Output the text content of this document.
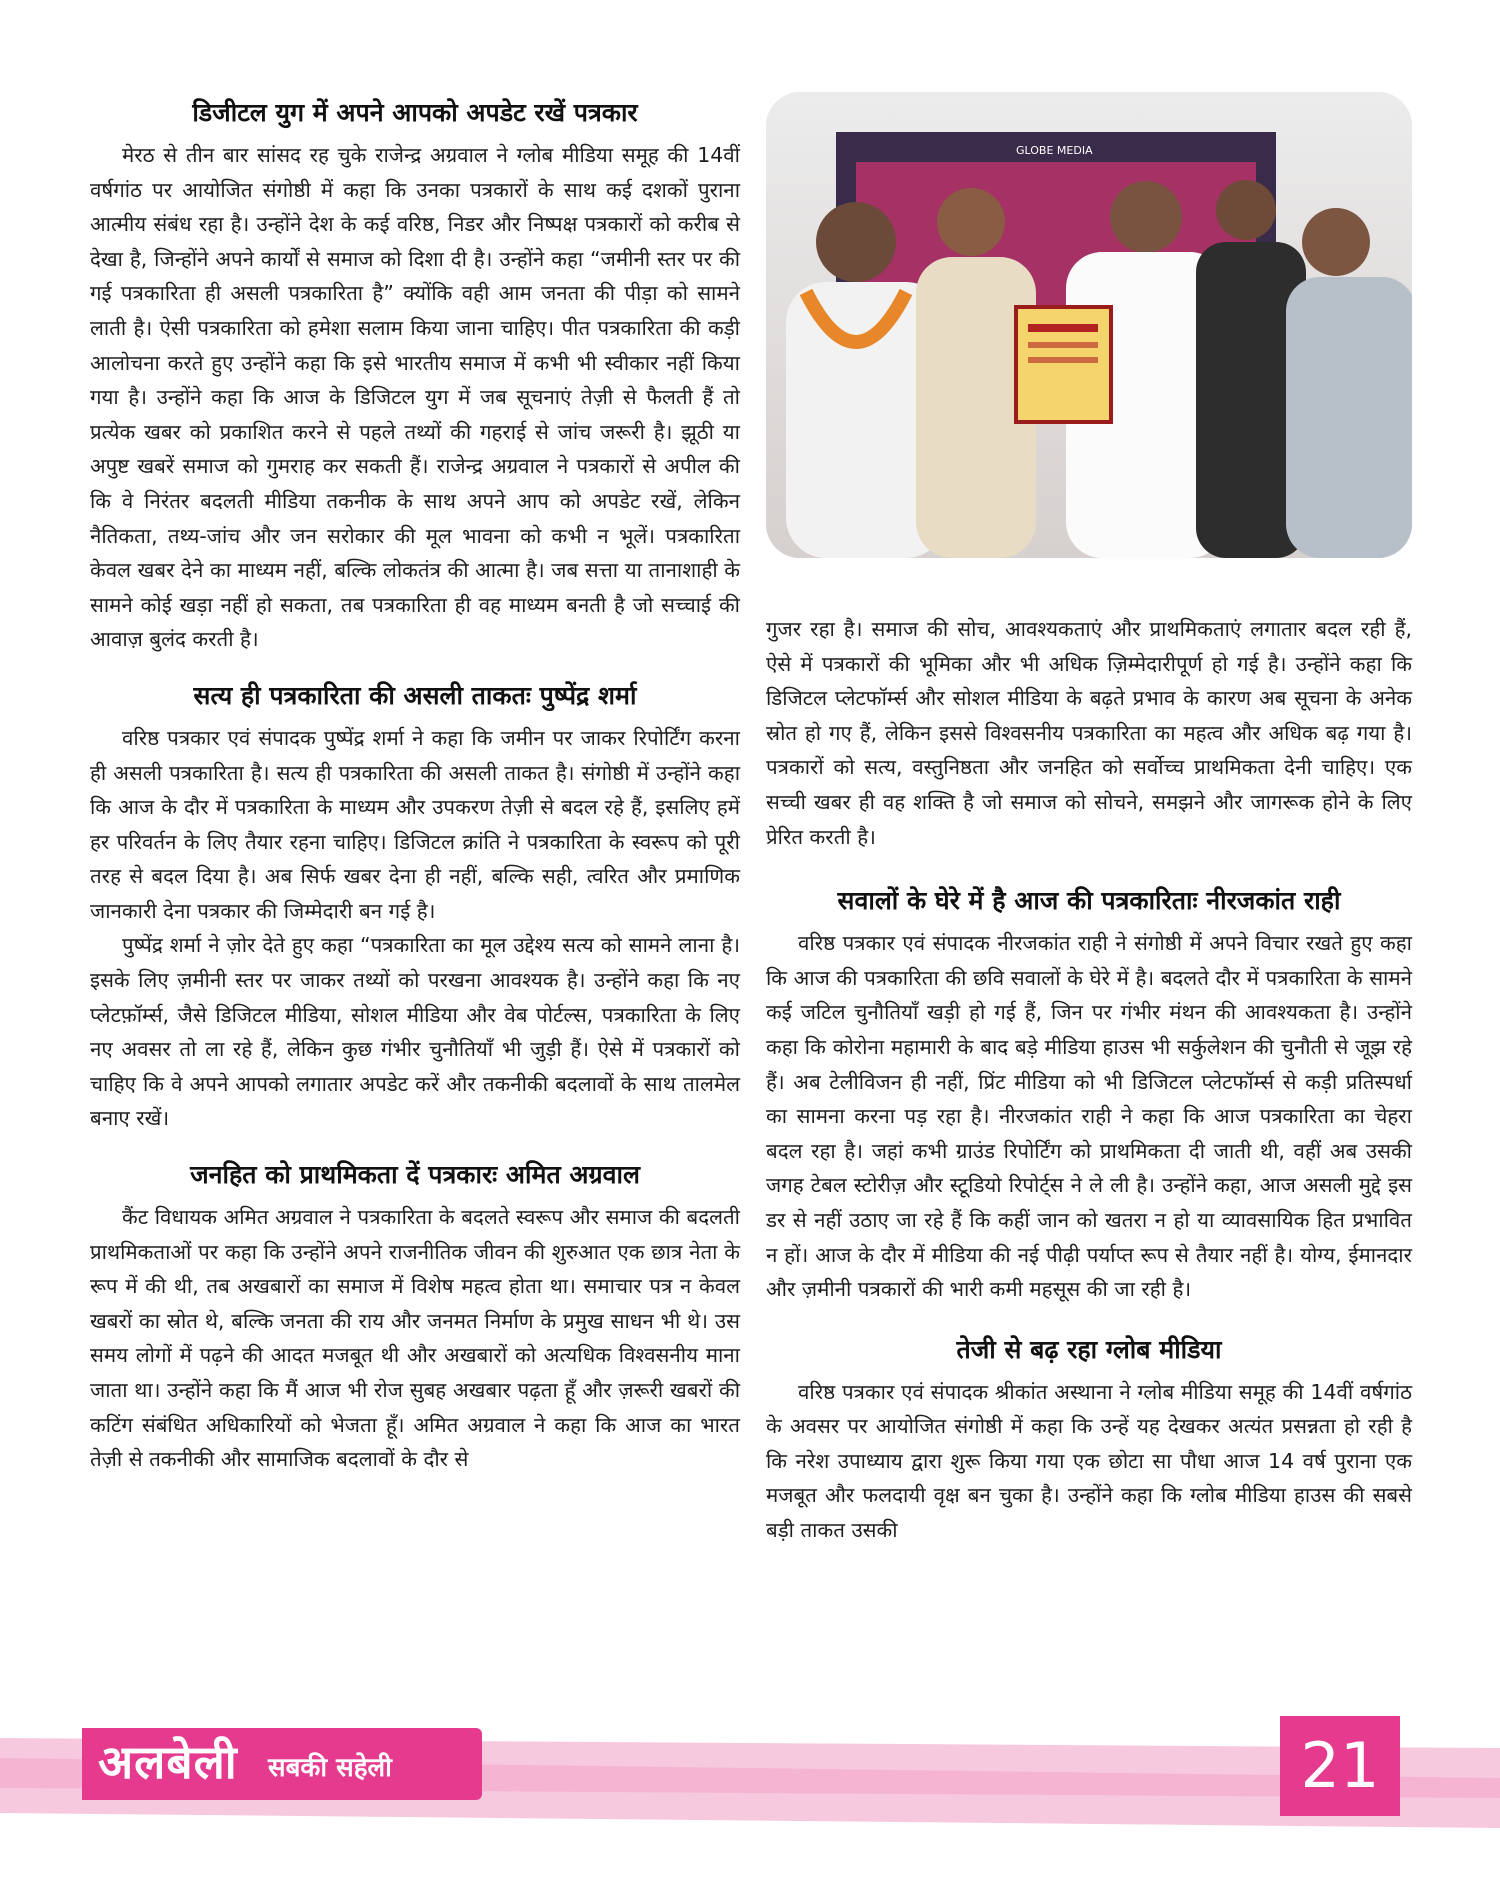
डिजीटल युग में अपने आपको अपडेट रखें पत्रकार

मेरठ से तीन बार सांसद रह चुके राजेन्द्र अग्रवाल ने ग्लोब मीडिया समूह की 14वीं वर्षगांठ पर आयोजित संगोष्ठी में कहा कि उनका पत्रकारों के साथ कई दशकों पुराना आत्मीय संबंध रहा है। उन्होंने देश के कई वरिष्ठ, निडर और निष्पक्ष पत्रकारों को करीब से देखा है, जिन्होंने अपने कार्यों से समाज को दिशा दी है। उन्होंने कहा “जमीनी स्तर पर की गई पत्रकारिता ही असली पत्रकारिता है” क्योंकि वही आम जनता की पीड़ा को सामने लाती है। ऐसी पत्रकारिता को हमेशा सलाम किया जाना चाहिए। पीत पत्रकारिता की कड़ी आलोचना करते हुए उन्होंने कहा कि इसे भारतीय समाज में कभी भी स्वीकार नहीं किया गया है। उन्होंने कहा कि आज के डिजिटल युग में जब सूचनाएं तेज़ी से फैलती हैं तो प्रत्येक खबर को प्रकाशित करने से पहले तथ्यों की गहराई से जांच जरूरी है। झूठी या अपुष्ट खबरें समाज को गुमराह कर सकती हैं। राजेन्द्र अग्रवाल ने पत्रकारों से अपील की कि वे निरंतर बदलती मीडिया तकनीक के साथ अपने आप को अपडेट रखें, लेकिन नैतिकता, तथ्य-जांच और जन सरोकार की मूल भावना को कभी न भूलें। पत्रकारिता केवल खबर देने का माध्यम नहीं, बल्कि लोकतंत्र की आत्मा है। जब सत्ता या तानाशाही के सामने कोई खड़ा नहीं हो सकता, तब पत्रकारिता ही वह माध्यम बनती है जो सच्चाई की आवाज़ बुलंद करती है।

सत्य ही पत्रकारिता की असली ताकतः पुष्पेंद्र शर्मा

वरिष्ठ पत्रकार एवं संपादक पुष्पेंद्र शर्मा ने कहा कि जमीन पर जाकर रिपोर्टिंग करना ही असली पत्रकारिता है। सत्य ही पत्रकारिता की असली ताकत है। संगोष्ठी में उन्होंने कहा कि आज के दौर में पत्रकारिता के माध्यम और उपकरण तेज़ी से बदल रहे हैं, इसलिए हमें हर परिवर्तन के लिए तैयार रहना चाहिए। डिजिटल क्रांति ने पत्रकारिता के स्वरूप को पूरी तरह से बदल दिया है। अब सिर्फ खबर देना ही नहीं, बल्कि सही, त्वरित और प्रमाणिक जानकारी देना पत्रकार की जिम्मेदारी बन गई है।

पुष्पेंद्र शर्मा ने ज़ोर देते हुए कहा “पत्रकारिता का मूल उद्देश्य सत्य को सामने लाना है। इसके लिए ज़मीनी स्तर पर जाकर तथ्यों को परखना आवश्यक है। उन्होंने कहा कि नए प्लेटफ़ॉर्म्स, जैसे डिजिटल मीडिया, सोशल मीडिया और वेब पोर्टल्स, पत्रकारिता के लिए नए अवसर तो ला रहे हैं, लेकिन कुछ गंभीर चुनौतियाँ भी जुड़ी हैं। ऐसे में पत्रकारों को चाहिए कि वे अपने आपको लगातार अपडेट करें और तकनीकी बदलावों के साथ तालमेल बनाए रखें।

जनहित को प्राथमिकता दें पत्रकारः अमित अग्रवाल

कैंट विधायक अमित अग्रवाल ने पत्रकारिता के बदलते स्वरूप और समाज की बदलती प्राथमिकताओं पर कहा कि उन्होंने अपने राजनीतिक जीवन की शुरुआत एक छात्र नेता के रूप में की थी, तब अखबारों का समाज में विशेष महत्व होता था। समाचार पत्र न केवल खबरों का स्रोत थे, बल्कि जनता की राय और जनमत निर्माण के प्रमुख साधन भी थे। उस समय लोगों में पढ़ने की आदत मजबूत थी और अखबारों को अत्यधिक विश्वसनीय माना जाता था। उन्होंने कहा कि मैं आज भी रोज सुबह अखबार पढ़ता हूँ और ज़रूरी खबरों की कटिंग संबंधित अधिकारियों को भेजता हूँ। अमित अग्रवाल ने कहा कि आज का भारत तेज़ी से तकनीकी और सामाजिक बदलावों के दौर से

GLOBE MEDIA

गुजर रहा है। समाज की सोच, आवश्यकताएं और प्राथमिकताएं लगातार बदल रही हैं, ऐसे में पत्रकारों की भूमिका और भी अधिक ज़िम्मेदारीपूर्ण हो गई है। उन्होंने कहा कि डिजिटल प्लेटफॉर्म्स और सोशल मीडिया के बढ़ते प्रभाव के कारण अब सूचना के अनेक स्रोत हो गए हैं, लेकिन इससे विश्वसनीय पत्रकारिता का महत्व और अधिक बढ़ गया है। पत्रकारों को सत्य, वस्तुनिष्ठता और जनहित को सर्वोच्च प्राथमिकता देनी चाहिए। एक सच्ची खबर ही वह शक्ति है जो समाज को सोचने, समझने और जागरूक होने के लिए प्रेरित करती है।

सवालों के घेरे में है आज की पत्रकारिताः नीरजकांत राही

वरिष्ठ पत्रकार एवं संपादक नीरजकांत राही ने संगोष्ठी में अपने विचार रखते हुए कहा कि आज की पत्रकारिता की छवि सवालों के घेरे में है। बदलते दौर में पत्रकारिता के सामने कई जटिल चुनौतियाँ खड़ी हो गई हैं, जिन पर गंभीर मंथन की आवश्यकता है। उन्होंने कहा कि कोरोना महामारी के बाद बड़े मीडिया हाउस भी सर्कुलेशन की चुनौती से जूझ रहे हैं। अब टेलीविजन ही नहीं, प्रिंट मीडिया को भी डिजिटल प्लेटफॉर्म्स से कड़ी प्रतिस्पर्धा का सामना करना पड़ रहा है। नीरजकांत राही ने कहा कि आज पत्रकारिता का चेहरा बदल रहा है। जहां कभी ग्राउंड रिपोर्टिंग को प्राथमिकता दी जाती थी, वहीं अब उसकी जगह टेबल स्टोरीज़ और स्टूडियो रिपोर्ट्स ने ले ली है। उन्होंने कहा, आज असली मुद्दे इस डर से नहीं उठाए जा रहे हैं कि कहीं जान को खतरा न हो या व्यावसायिक हित प्रभावित न हों। आज के दौर में मीडिया की नई पीढ़ी पर्याप्त रूप से तैयार नहीं है। योग्य, ईमानदार और ज़मीनी पत्रकारों की भारी कमी महसूस की जा रही है।

तेजी से बढ़ रहा ग्लोब मीडिया

वरिष्ठ पत्रकार एवं संपादक श्रीकांत अस्थाना ने ग्लोब मीडिया समूह की 14वीं वर्षगांठ के अवसर पर आयोजित संगोष्ठी में कहा कि उन्हें यह देखकर अत्यंत प्रसन्नता हो रही है कि नरेश उपाध्याय द्वारा शुरू किया गया एक छोटा सा पौधा आज 14 वर्ष पुराना एक मजबूत और फलदायी वृक्ष बन चुका है। उन्होंने कहा कि ग्लोब मीडिया हाउस की सबसे बड़ी ताकत उसकी

अलबेली सबकी सहेली	21
